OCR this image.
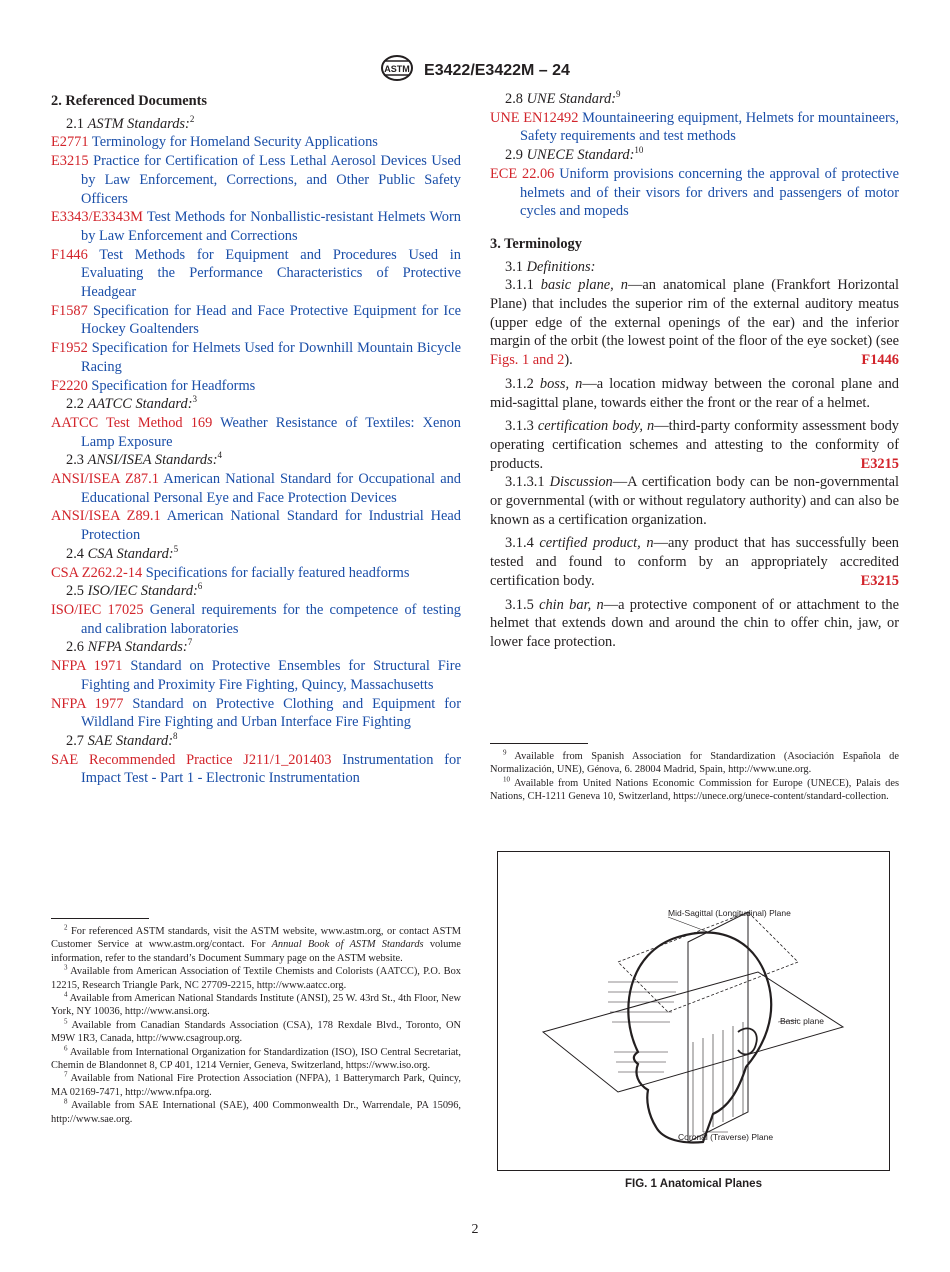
ASTM E3422/E3422M – 24

2. Referenced Documents

2.1 ASTM Standards:$^2$

E2771 Terminology for Homeland Security Applications

E3215 Practice for Certification of Less Lethal Aerosol Devices Used by Law Enforcement, Corrections, and Other Public Safety Officers

E3343/E3343M Test Methods for Nonballistic-resistant Helmets Worn by Law Enforcement and Corrections

F1446 Test Methods for Equipment and Procedures Used in Evaluating the Performance Characteristics of Protective Headgear

F1587 Specification for Head and Face Protective Equipment for Ice Hockey Goaltenders

F1952 Specification for Helmets Used for Downhill Mountain Bicycle Racing

F2220 Specification for Headforms

2.2 AATCC Standard:$^3$

AATCC Test Method 169 Weather Resistance of Textiles: Xenon Lamp Exposure

2.3 ANSI/ISEA Standards:$^4$

ANSI/ISEA Z87.1 American National Standard for Occupational and Educational Personal Eye and Face Protection Devices

ANSI/ISEA Z89.1 American National Standard for Industrial Head Protection

2.4 CSA Standard:$^5$

CSA Z262.2-14 Specifications for facially featured headforms

2.5 ISO/IEC Standard:$^6$

ISO/IEC 17025 General requirements for the competence of testing and calibration laboratories

2.6 NFPA Standards:$^7$

NFPA 1971 Standard on Protective Ensembles for Structural Fire Fighting and Proximity Fire Fighting, Quincy, Massachusetts

NFPA 1977 Standard on Protective Clothing and Equipment for Wildland Fire Fighting and Urban Interface Fire Fighting

2.7 SAE Standard:$^8$

SAE Recommended Practice J211/1_201403 Instrumentation for Impact Test - Part 1 - Electronic Instrumentation

$^2$ For referenced ASTM standards, visit the ASTM website, www.astm.org, or contact ASTM Customer Service at www.astm.org/contact. For Annual Book of ASTM Standards volume information, refer to the standard’s Document Summary page on the ASTM website.

$^3$ Available from American Association of Textile Chemists and Colorists (AATCC), P.O. Box 12215, Research Triangle Park, NC 27709-2215, http://www.aatcc.org.

$^4$ Available from American National Standards Institute (ANSI), 25 W. 43rd St., 4th Floor, New York, NY 10036, http://www.ansi.org.

$^5$ Available from Canadian Standards Association (CSA), 178 Rexdale Blvd., Toronto, ON M9W 1R3, Canada, http://www.csagroup.org.

$^6$ Available from International Organization for Standardization (ISO), ISO Central Secretariat, Chemin de Blandonnet 8, CP 401, 1214 Vernier, Geneva, Switzerland, https://www.iso.org.

$^7$ Available from National Fire Protection Association (NFPA), 1 Batterymarch Park, Quincy, MA 02169-7471, http://www.nfpa.org.

$^8$ Available from SAE International (SAE), 400 Commonwealth Dr., Warrendale, PA 15096, http://www.sae.org.

2.8 UNE Standard:$^9$

UNE EN12492 Mountaineering equipment, Helmets for mountaineers, Safety requirements and test methods

2.9 UNECE Standard:$^{10}$

ECE 22.06 Uniform provisions concerning the approval of protective helmets and of their visors for drivers and passengers of motor cycles and mopeds

3. Terminology

3.1 Definitions:

3.1.1 basic plane, n—an anatomical plane (Frankfort Horizontal Plane) that includes the superior rim of the external auditory meatus (upper edge of the external openings of the ear) and the inferior margin of the orbit (the lowest point of the floor of the eye socket) (see Figs. 1 and 2).	F1446

3.1.2 boss, n—a location midway between the coronal plane and mid-sagittal plane, towards either the front or the rear of a helmet.

3.1.3 certification body, n—third-party conformity assessment body operating certification schemes and attesting to the conformity of products.	E3215

3.1.3.1 Discussion—A certification body can be non-governmental or governmental (with or without regulatory authority) and can also be known as a certification organization.

3.1.4 certified product, n—any product that has successfully been tested and found to conform by an appropriately accredited certification body.	E3215

3.1.5 chin bar, n—a protective component of or attachment to the helmet that extends down and around the chin to offer chin, jaw, or lower face protection.

$^9$ Available from Spanish Association for Standardization (Asociación Española de Normalización, UNE), Génova, 6. 28004 Madrid, Spain, http://www.une.org.

$^{10}$ Available from United Nations Economic Commission for Europe (UNECE), Palais des Nations, CH-1211 Geneva 10, Switzerland, https://unece.org/unece-content/standard-collection.

Mid-Sagittal (Longitudinal) Plane
Basic plane
Coronal (Traverse) Plane
FIG. 1 Anatomical Planes
2
